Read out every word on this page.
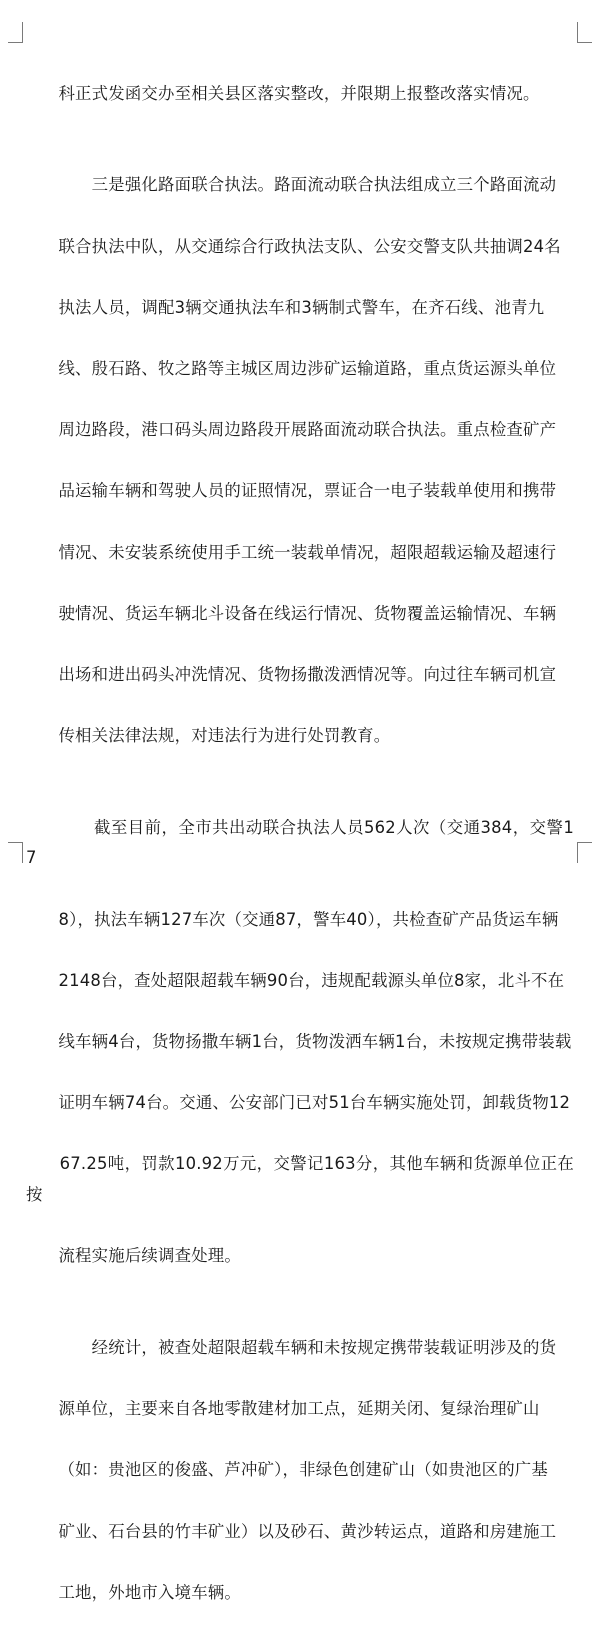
科正式发函交办至相关县区落实整改，并限期上报整改落实情况。

　　三是强化路面联合执法。路面流动联合执法组成立三个路面流动

联合执法中队，从交通综合行政执法支队、公安交警支队共抽调24名

执法人员，调配3辆交通执法车和3辆制式警车，在齐石线、池青九

线、殷石路、牧之路等主城区周边涉矿运输道路，重点货运源头单位

周边路段，港口码头周边路段开展路面流动联合执法。重点检查矿产

品运输车辆和驾驶人员的证照情况，票证合一电子装载单使用和携带

情况、未安装系统使用手工统一装载单情况，超限超载运输及超速行

驶情况、货运车辆北斗设备在线运行情况、货物覆盖运输情况、车辆

出场和进出码头冲洗情况、货物扬撒泼洒情况等。向过往车辆司机宣

传相关法律法规，对违法行为进行处罚教育。

　　截至目前，全市共出动联合执法人员562人次（交通384，交警17

8），执法车辆127车次（交通87，警车40），共检查矿产品货运车辆

2148台，查处超限超载车辆90台，违规配载源头单位8家，北斗不在

线车辆4台，货物扬撒车辆1台，货物泼洒车辆1台，未按规定携带装载

证明车辆74台。交通、公安部门已对51台车辆实施处罚，卸载货物12

67.25吨，罚款10.92万元，交警记163分，其他车辆和货源单位正在按

流程实施后续调查处理。

　　经统计，被查处超限超载车辆和未按规定携带装载证明涉及的货

源单位，主要来自各地零散建材加工点，延期关闭、复绿治理矿山

（如：贵池区的俊盛、芦冲矿），非绿色创建矿山（如贵池区的广基

矿业、石台县的竹丰矿业）以及砂石、黄沙转运点，道路和房建施工

工地，外地市入境车辆。
